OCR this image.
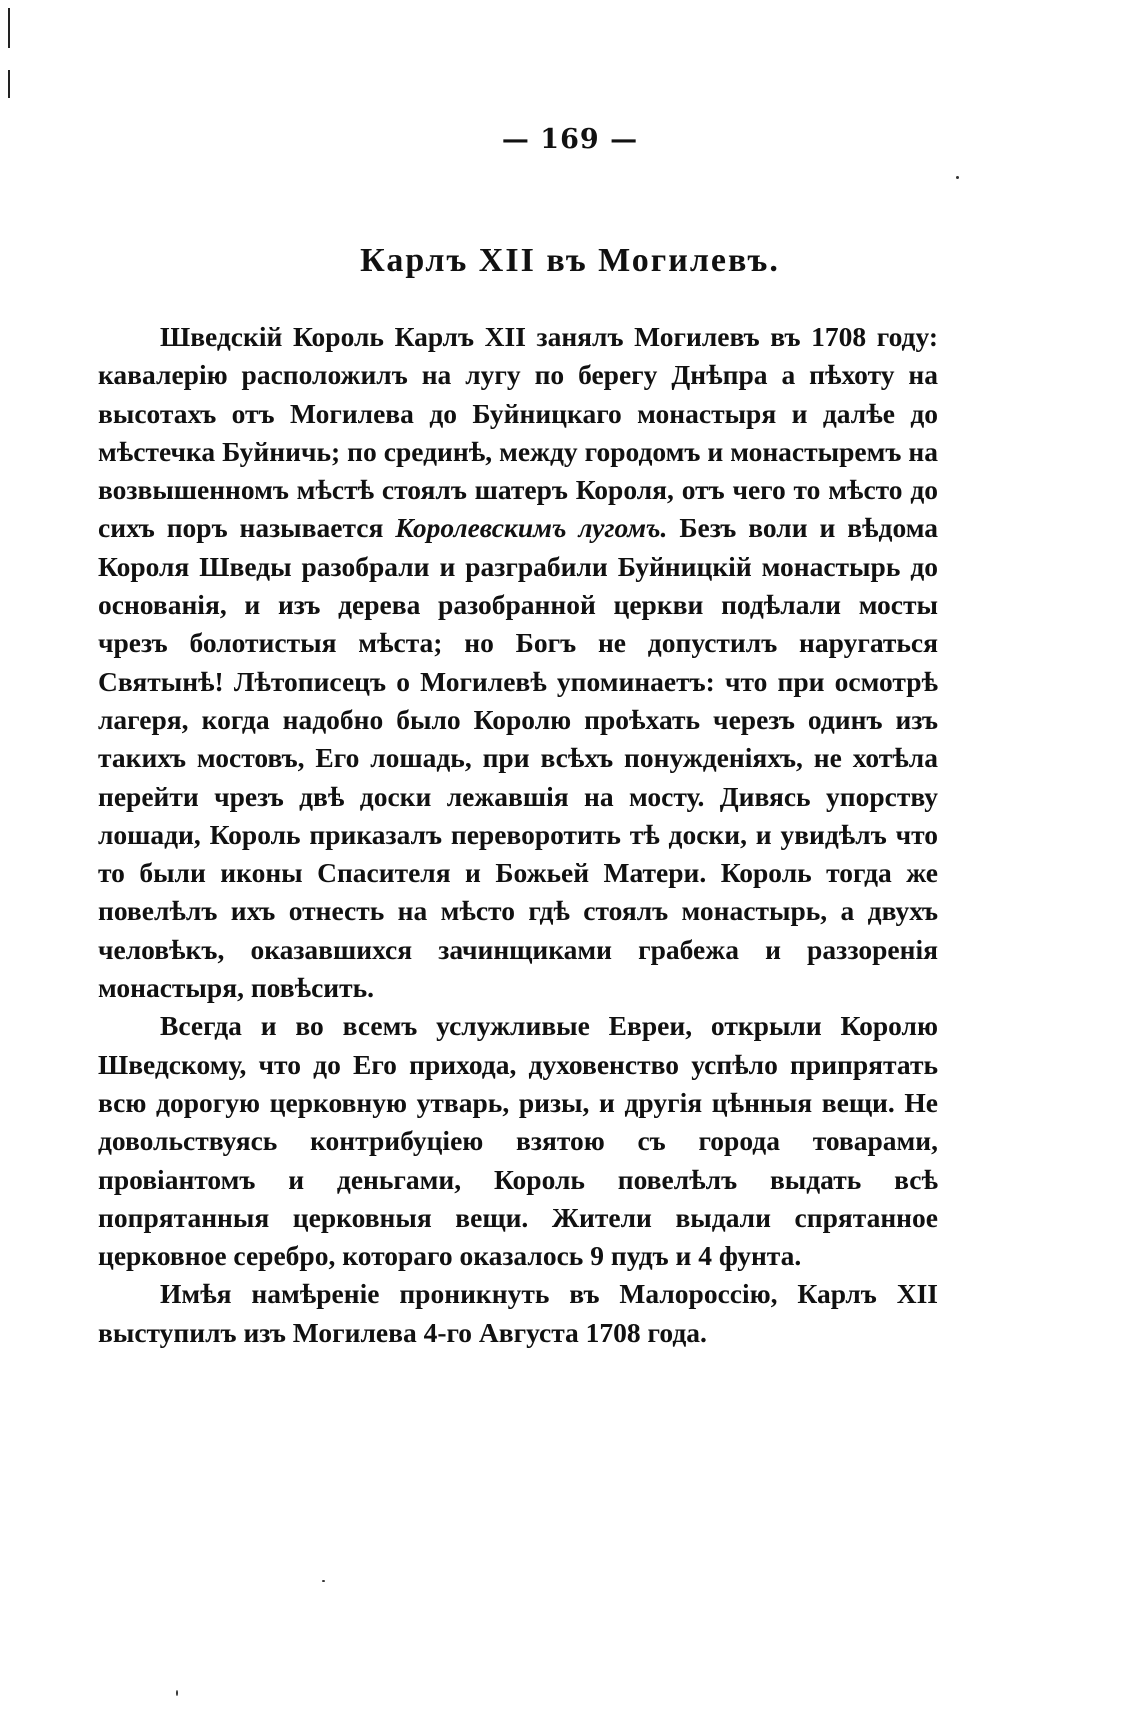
— 169 —
Карлъ XII въ Могилевъ.

Шведскій Король Карлъ XII занялъ Могилевъ въ 1708 году: кавалерію расположилъ на лугу по берегу Днѣпра а пѣхоту на высотахъ отъ Могилева до Буйницкаго монастыря и далѣе до мѣстечка Буйничь; по срединѣ, между городомъ и монастыремъ на возвышенномъ мѣстѣ стоялъ шатеръ Короля, отъ чего то мѣсто до сихъ поръ называется Королевскимъ лугомъ. Безъ воли и вѣдома Короля Шведы разобрали и разграбили Буйницкій монастырь до основанія, и изъ дерева разобранной церкви подѣлали мосты чрезъ болотистыя мѣста; но Богъ не допустилъ наругаться Святынѣ! Лѣтописецъ о Могилевѣ упоминаетъ: что при осмотрѣ лагеря, когда надобно было Королю проѣхать черезъ одинъ изъ такихъ мостовъ, Его лошадь, при всѣхъ понужденіяхъ, не хотѣла перейти чрезъ двѣ доски лежавшія на мосту. Дивясь упорству лошади, Король приказалъ переворотить тѣ доски, и увидѣлъ что то были иконы Спасителя и Божьей Матери. Король тогда же повелѣлъ ихъ отнесть на мѣсто гдѣ стоялъ монастырь, а двухъ человѣкъ, оказавшихся зачинщиками грабежа и раззоренія монастыря, повѣсить.

Всегда и во всемъ услужливые Евреи, открыли Королю Шведскому, что до Его прихода, духовенство успѣло припрятать всю дорогую церковную утварь, ризы, и другія цѣнныя вещи. Не довольствуясь контрибуціею взятою съ города товарами, провіантомъ и деньгами, Король повелѣлъ выдать всѣ попрятанныя церковныя вещи. Жители выдали спрятанное церковное серебро, котораго оказалось 9 пудъ и 4 фунта.

Имѣя намѣреніе проникнуть въ Малороссію, Карлъ XII выступилъ изъ Могилева 4-го Августа 1708 года.
